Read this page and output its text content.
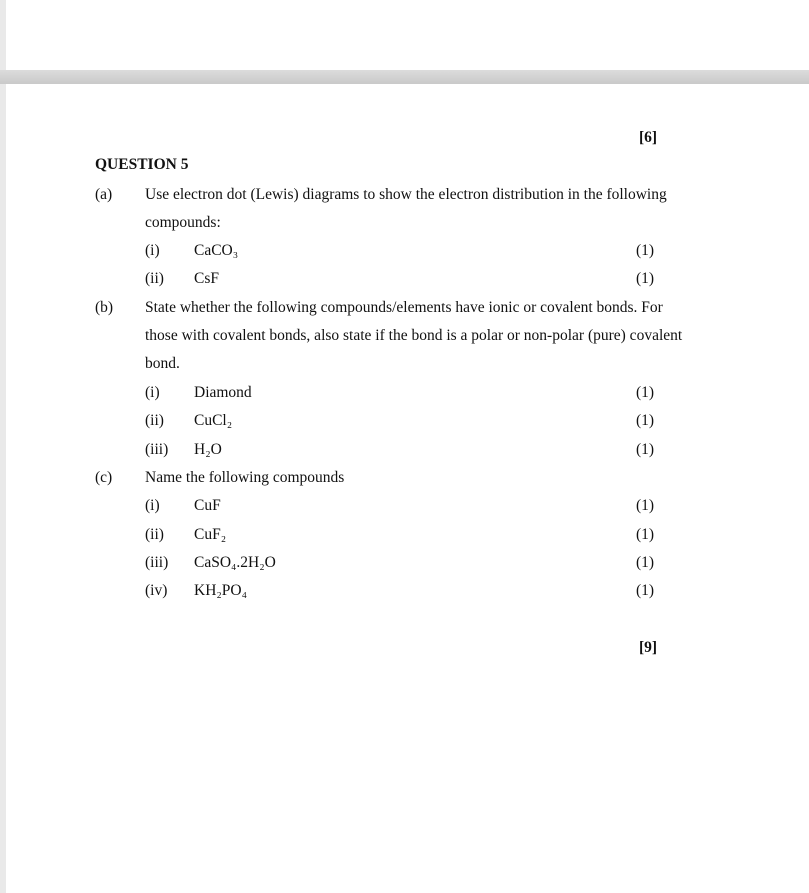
[6]
QUESTION 5
(a) Use electron dot (Lewis) diagrams to show the electron distribution in the following
compounds:
(i) CaCO₃	(1)
(ii) CsF	(1)
(b) State whether the following compounds/elements have ionic or covalent bonds. For
those with covalent bonds, also state if the bond is a polar or non-polar (pure) covalent
bond.
(i) Diamond	(1)
(ii) CuCl₂	(1)
(iii) H₂O	(1)
(c) Name the following compounds
(i) CuF	(1)
(ii) CuF₂	(1)
(iii) CaSO₄.2H₂O	(1)
(iv) KH₂PO₄	(1)
[9]
